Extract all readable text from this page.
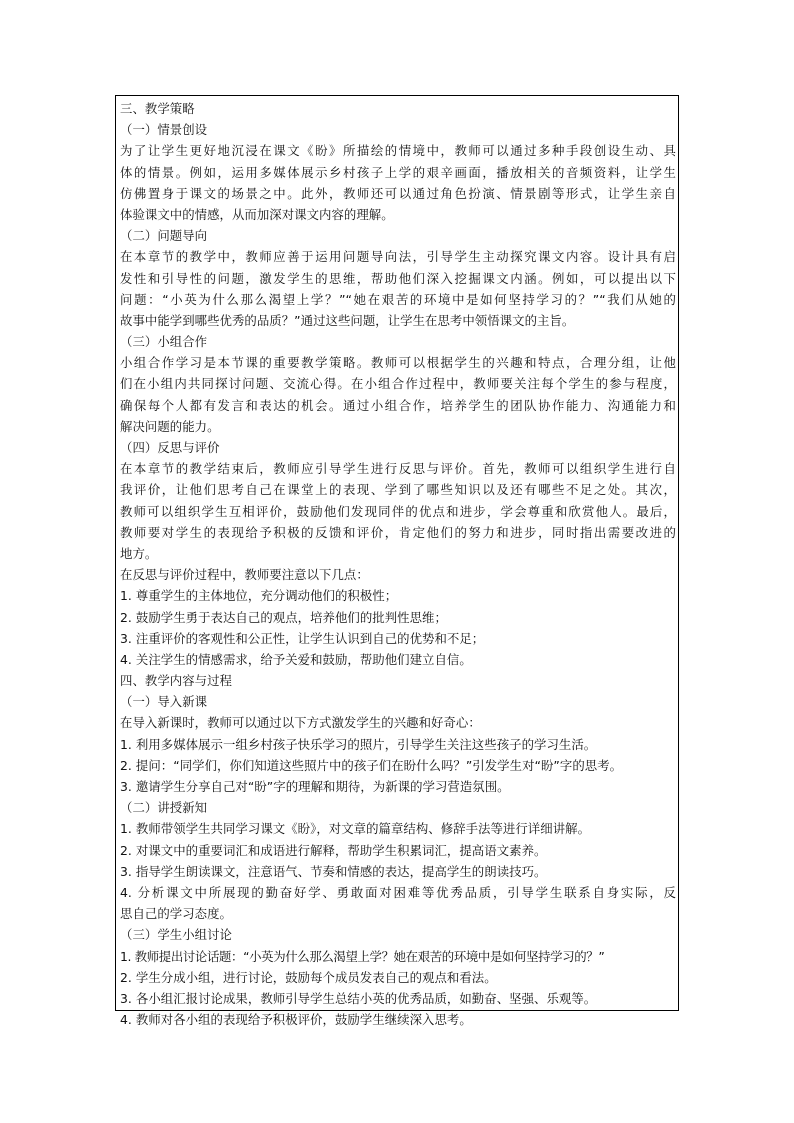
三、教学策略
（一）情景创设
为了让学生更好地沉浸在课文《盼》所描绘的情境中，教师可以通过多种手段创设生动、具
体的情景。例如，运用多媒体展示乡村孩子上学的艰辛画面，播放相关的音频资料，让学生
仿佛置身于课文的场景之中。此外，教师还可以通过角色扮演、情景剧等形式，让学生亲自
体验课文中的情感，从而加深对课文内容的理解。
（二）问题导向
在本章节的教学中，教师应善于运用问题导向法，引导学生主动探究课文内容。设计具有启
发性和引导性的问题，激发学生的思维，帮助他们深入挖掘课文内涵。例如，可以提出以下
问题：“小英为什么那么渴望上学？”“她在艰苦的环境中是如何坚持学习的？”“我们从她的
故事中能学到哪些优秀的品质？”通过这些问题，让学生在思考中领悟课文的主旨。
（三）小组合作
小组合作学习是本节课的重要教学策略。教师可以根据学生的兴趣和特点，合理分组，让他
们在小组内共同探讨问题、交流心得。在小组合作过程中，教师要关注每个学生的参与程度，
确保每个人都有发言和表达的机会。通过小组合作，培养学生的团队协作能力、沟通能力和
解决问题的能力。
（四）反思与评价
在本章节的教学结束后，教师应引导学生进行反思与评价。首先，教师可以组织学生进行自
我评价，让他们思考自己在课堂上的表现、学到了哪些知识以及还有哪些不足之处。其次，
教师可以组织学生互相评价，鼓励他们发现同伴的优点和进步，学会尊重和欣赏他人。最后，
教师要对学生的表现给予积极的反馈和评价，肯定他们的努力和进步，同时指出需要改进的
地方。
在反思与评价过程中，教师要注意以下几点：
1. 尊重学生的主体地位，充分调动他们的积极性；
2. 鼓励学生勇于表达自己的观点，培养他们的批判性思维；
3. 注重评价的客观性和公正性，让学生认识到自己的优势和不足；
4. 关注学生的情感需求，给予关爱和鼓励，帮助他们建立自信。
四、教学内容与过程
（一）导入新课
在导入新课时，教师可以通过以下方式激发学生的兴趣和好奇心：
1. 利用多媒体展示一组乡村孩子快乐学习的照片，引导学生关注这些孩子的学习生活。
2. 提问：“同学们，你们知道这些照片中的孩子们在盼什么吗？”引发学生对“盼”字的思考。
3. 邀请学生分享自己对“盼”字的理解和期待，为新课的学习营造氛围。
（二）讲授新知
1. 教师带领学生共同学习课文《盼》，对文章的篇章结构、修辞手法等进行详细讲解。
2. 对课文中的重要词汇和成语进行解释，帮助学生积累词汇，提高语文素养。
3. 指导学生朗读课文，注意语气、节奏和情感的表达，提高学生的朗读技巧。
4. 分析课文中所展现的勤奋好学、勇敢面对困难等优秀品质，引导学生联系自身实际，反
思自己的学习态度。
（三）学生小组讨论
1. 教师提出讨论话题：“小英为什么那么渴望上学？她在艰苦的环境中是如何坚持学习的？”
2. 学生分成小组，进行讨论，鼓励每个成员发表自己的观点和看法。
3. 各小组汇报讨论成果，教师引导学生总结小英的优秀品质，如勤奋、坚强、乐观等。
4. 教师对各小组的表现给予积极评价，鼓励学生继续深入思考。
